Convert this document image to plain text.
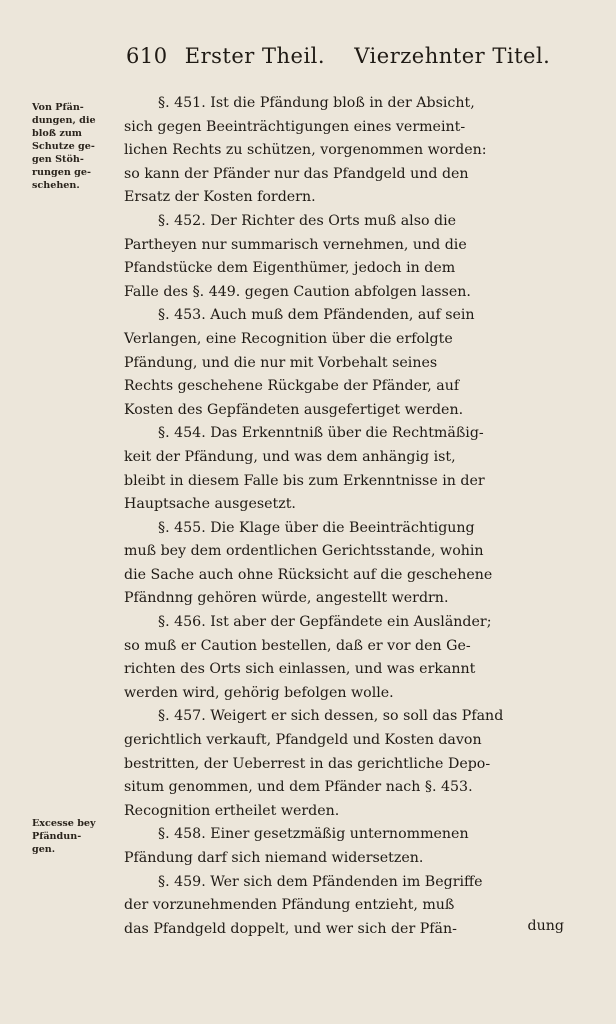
610 Erster Theil. Vierzehnter Titel.
Von Pfän-
dungen, die
bloß zum
Schutze ge-
gen Stöh-
rungen ge-
schehen.
Excesse bey
Pfändun-
gen.
§. 451. Ist die Pfändung bloß in der Absicht,
sich gegen Beeinträchtigungen eines vermeint-
lichen Rechts zu schützen, vorgenommen worden:
so kann der Pfänder nur das Pfandgeld und den
Ersatz der Kosten fordern.
§. 452. Der Richter des Orts muß also die
Partheyen nur summarisch vernehmen, und die
Pfandstücke dem Eigenthümer, jedoch in dem
Falle des §. 449. gegen Caution abfolgen lassen.
§. 453. Auch muß dem Pfändenden, auf sein
Verlangen, eine Recognition über die erfolgte
Pfändung, und die nur mit Vorbehalt seines
Rechts geschehene Rückgabe der Pfänder, auf
Kosten des Gepfändeten ausgefertiget werden.
§. 454. Das Erkenntniß über die Rechtmäßig-
keit der Pfändung, und was dem anhängig ist,
bleibt in diesem Falle bis zum Erkenntnisse in der
Hauptsache ausgesetzt.
§. 455. Die Klage über die Beeinträchtigung
muß bey dem ordentlichen Gerichtsstande, wohin
die Sache auch ohne Rücksicht auf die geschehene
Pfändnng gehören würde, angestellt werdrn.
§. 456. Ist aber der Gepfändete ein Ausländer;
so muß er Caution bestellen, daß er vor den Ge-
richten des Orts sich einlassen, und was erkannt
werden wird, gehörig befolgen wolle.
§. 457. Weigert er sich dessen, so soll das Pfand
gerichtlich verkauft, Pfandgeld und Kosten davon
bestritten, der Ueberrest in das gerichtliche Depo-
situm genommen, und dem Pfänder nach §. 453.
Recognition ertheilet werden.
§. 458. Einer gesetzmäßig unternommenen
Pfändung darf sich niemand widersetzen.
§. 459. Wer sich dem Pfändenden im Begriffe
der vorzunehmenden Pfändung entzieht, muß
das Pfandgeld doppelt, und wer sich der Pfän-	dung
